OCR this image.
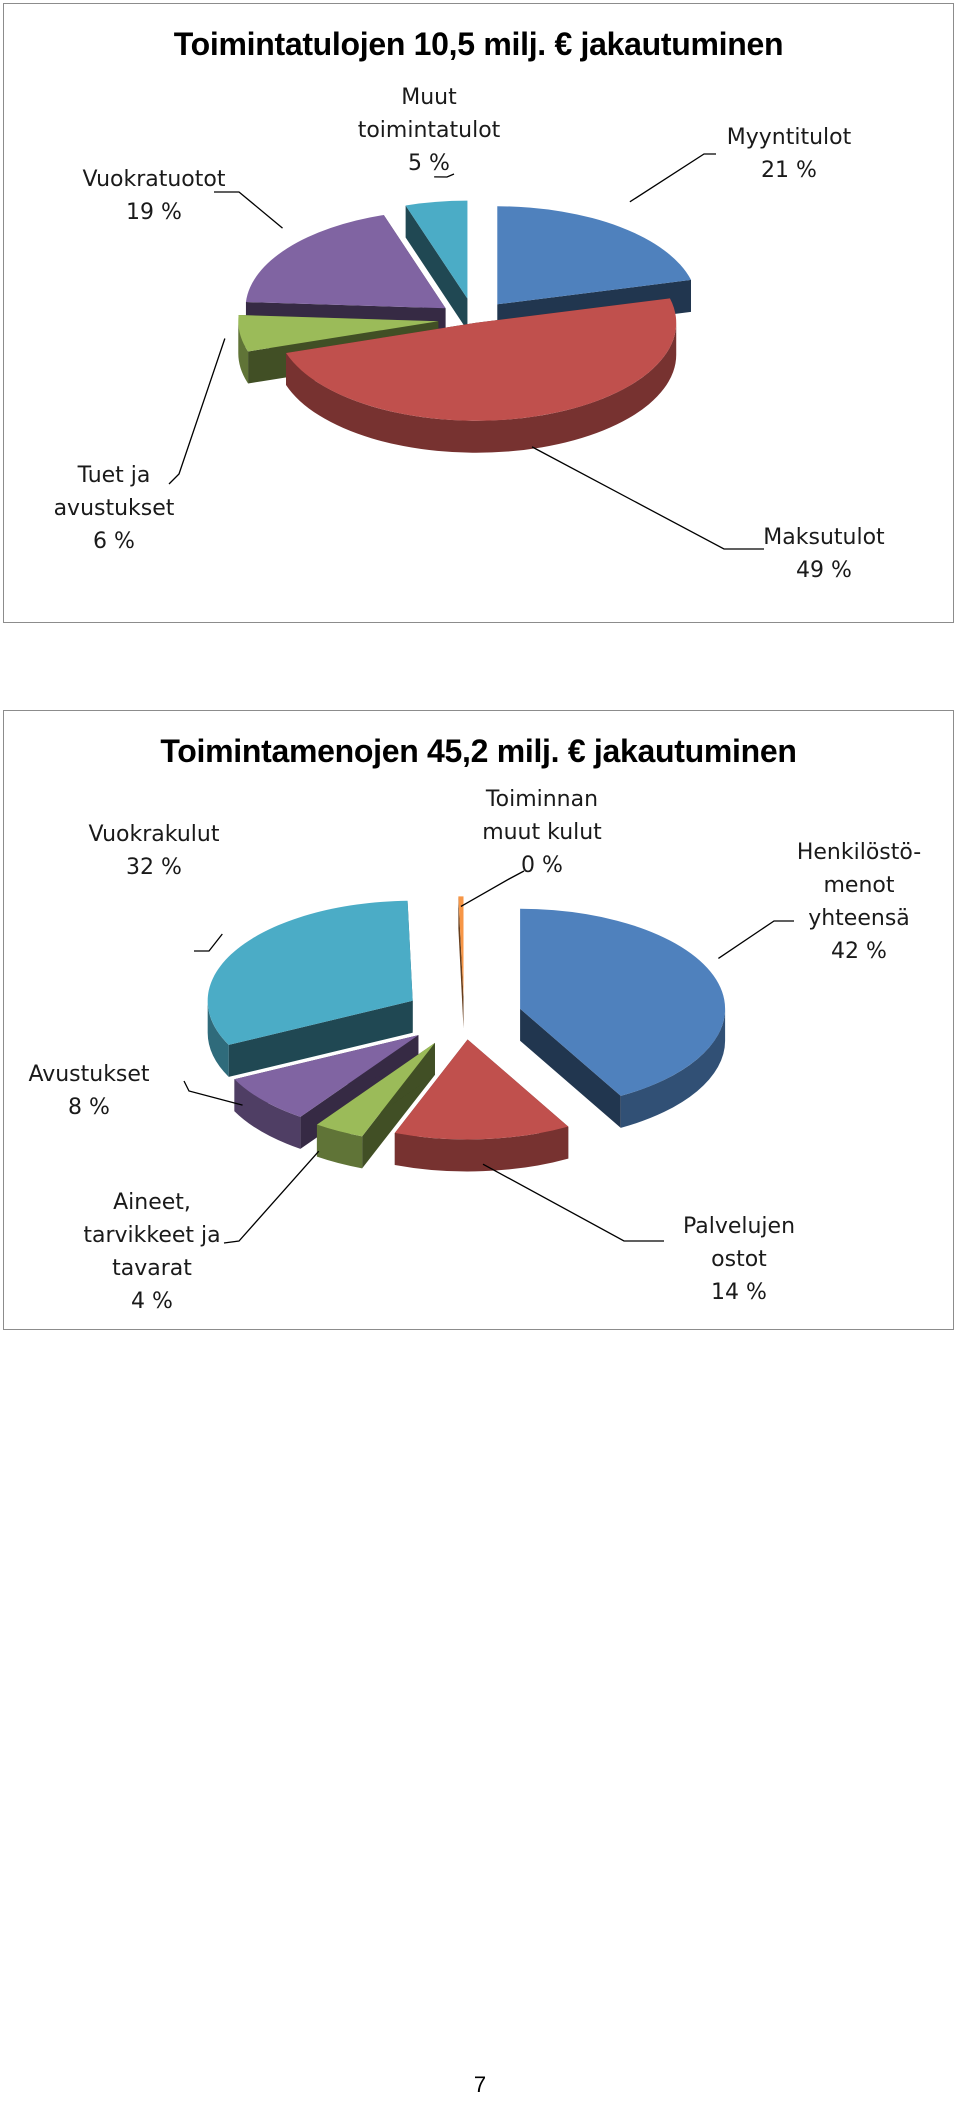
Toimintatulojen 10,5 milj. € jakautuminen
Myyntitulot
21 %
Maksutulot
49 %
Tuet ja
avustukset
6 %
Vuokratuotot
19 %
Muut
toimintatulot
5 %
Toimintamenojen 45,2 milj. € jakautuminen
Henkilöstö-
menot
yhteensä
42 %
Palvelujen
ostot
14 %
Aineet,
tarvikkeet ja
tavarat
4 %
Avustukset
8 %
Vuokrakulut
32 %
Toiminnan
muut kulut
0 %
7
